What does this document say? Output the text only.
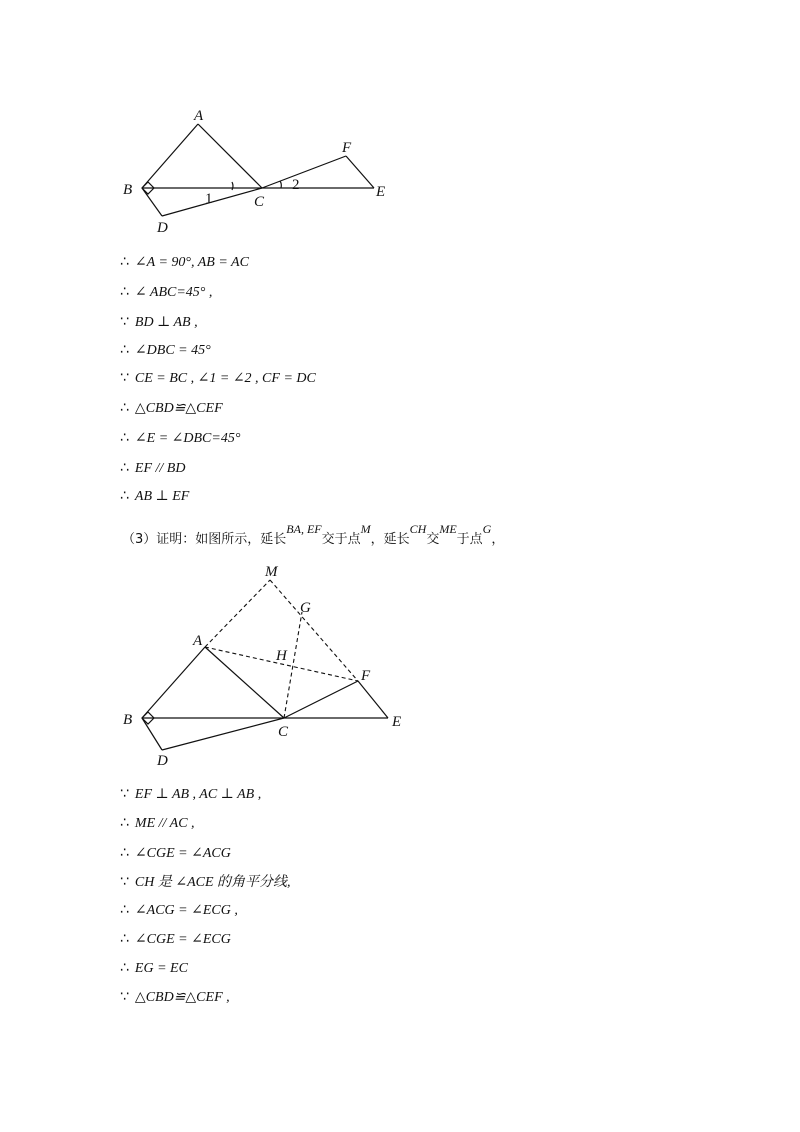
A
B
C
D
E
F
1
2
∴ ∠A = 90°, AB = AC
∴ ∠ ABC=45° ,
∵ BD ⊥ AB ,
∴ ∠DBC = 45°
∵ CE = BC , ∠1 = ∠2 , CF = DC
∴ △CBD≌△CEF
∴ ∠E = ∠DBC=45°
∴ EF // BD
∴ AB ⊥ EF
（3）证明：如图所示，延长BA, EF交于点M，延长CH交ME于点G，
M
G
A
H
F
B
C
E
D
∵ EF ⊥ AB , AC ⊥ AB ,
∴ ME // AC ,
∴ ∠CGE = ∠ACG
∵ CH 是 ∠ACE 的角平分线,
∴ ∠ACG = ∠ECG ,
∴ ∠CGE = ∠ECG
∴ EG = EC
∵ △CBD≌△CEF ,
